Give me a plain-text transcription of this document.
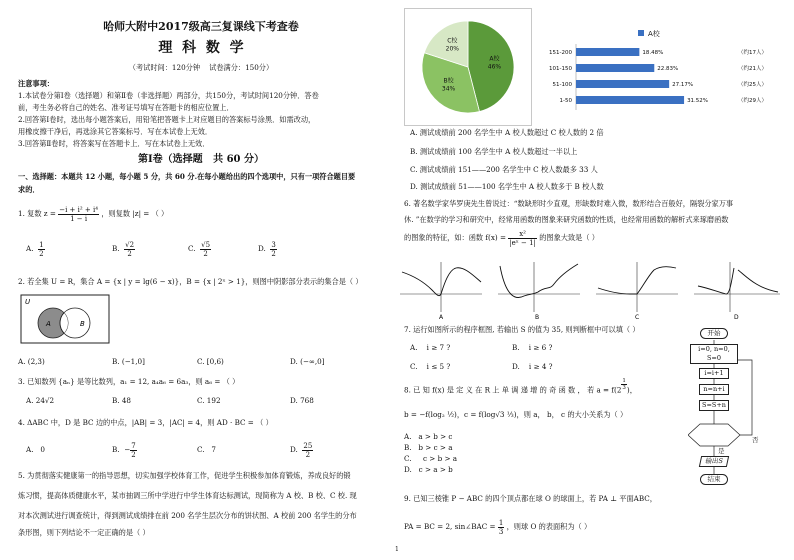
哈师大附中2017级高三复课线下考查卷
理  科  数  学
（考试时间：120分钟    试卷满分：150分）
注意事项：
1.本试卷分第Ⅰ卷（选择题）和第Ⅱ卷（非选择题）两部分，共150分，考试时间120分钟．答卷
前，考生务必将自己的姓名、准考证号填写在答题卡的相应位置上．
2.回答第Ⅰ卷时，选出每小题答案后，用铅笔把答题卡上对应题目的答案标号涂黑．如需改动，
用橡皮擦干净后，再选涂其它答案标号．写在本试卷上无效．
3.回答第Ⅱ卷时，将答案写在答题卡上．写在本试卷上无效．
第Ⅰ卷（选择题   共 60 分）
一、选择题：本题共 12 小题，每小题 5 分，共 60 分.在每小题给出的四个选项中，只有一项符合题目要
求的．
1. 复数 $z = \frac{\text{−i + i² + i⁴}}{1 - i}$ ，则复数 |z| = （ ）
A. $\frac{1}{2}$	B. $\frac{√2}{2}$	C. $\frac{√5}{2}$	D. $\frac{3}{2}$
2. 若全集 U = R，集合 A = {x | y = lg(6 − x)}，B = {x | 2ˣ > 1}，则图中阴影部分表示的集合是（ ）
U
A	B
A. (2,3)	B. (−1,0]	C. [0,6)	D. (−∞,0]
3. 已知数列 {aₙ} 是等比数列，a₁ = 12, a₄a₆ = 6a₃，则 a₆ = （ ）
A. 24√2	B. 48	C. 192	D. 768
4. ΔABC 中，D 是 BC 边的中点，|AB| = 3，|AC| = 4，则 AD · BC = （ ）
A. 0	B. − $\frac{7}{2}$	C. 7	D. $\frac{25}{2}$
5. 为贯彻落实健康第一的指导思想，切实加强学校体育工作，促进学生积极参加体育锻炼，养成良好的锻
炼习惯，提高体质健康水平，某市抽调三所中学进行中学生体育达标测试，现简称为 A 校、B 校、C 校. 现
对本次测试进行调查统计，得到测试成绩排在前 200 名学生层次分布的饼状图、A 校前 200 名学生的分布
条形图，则下列结论不一定正确的是（ ）
A校
46%
B校
34%
C校
20%
A校
151-200	18.48%	（约17人）
101-150	22.83%	（约21人）
51-100	27.17%	（约25人）
1-50	31.52%	（约29人）
A. 测试成绩前 200 名学生中 A 校人数超过 C 校人数的 2 倍
B. 测试成绩前 100 名学生中 A 校人数超过一半以上
C. 测试成绩前 151——200 名学生中 C 校人数最多 33 人
D. 测试成绩前 51——100 名学生中 A 校人数多于 B 校人数
6. 著名数学家华罗庚先生曾说过：“数缺形时少直观，形缺数时难入微，数形结合百般好，隔裂分家万事
休. ”在数学的学习和研究中，经常用函数的图象来研究函数的性质，也经常用函数的解析式来琢磨函数
的图象的特征，如：函数 $f(x) = \frac{\text{x²}}{\text{|eˣ − 1|}}$ 的图象大致是（ ）
A	B	C	D
7. 运行如图所示的程序框图, 若输出 S 的值为 35, 则判断框中可以填（ ）
A.    i ≥ 7 ?	B.    i ≥ 6 ?
C.    i ≤ 5 ?	D.    i ≥ 4 ?
8. 已 知 f(x) 是 定 义 在 R 上 单 调 递 增 的 奇 函 数 ， 若 $a = f(2 \frac{1}{3}$ )，
b = −f(log₂ ½)，c = f(log√3 ⅓)，则 a， b， c 的大小关系为（ ）
A.   a > b > c
B.   b > c > a
C.     c > b > a
D.   c > a > b
9. 已知三棱锥 P − ABC 的四个顶点都在球 O 的球面上，若 PA ⊥ 平面ABC，
PA = BC = 2, sin∠BAC = $\frac{1}{3}$ ，则球 O 的表面积为（ ）
开始
i=0, n=0, S=0
i=i+1
n=n+i
S=S+n
否
是
输出S
结束
1
